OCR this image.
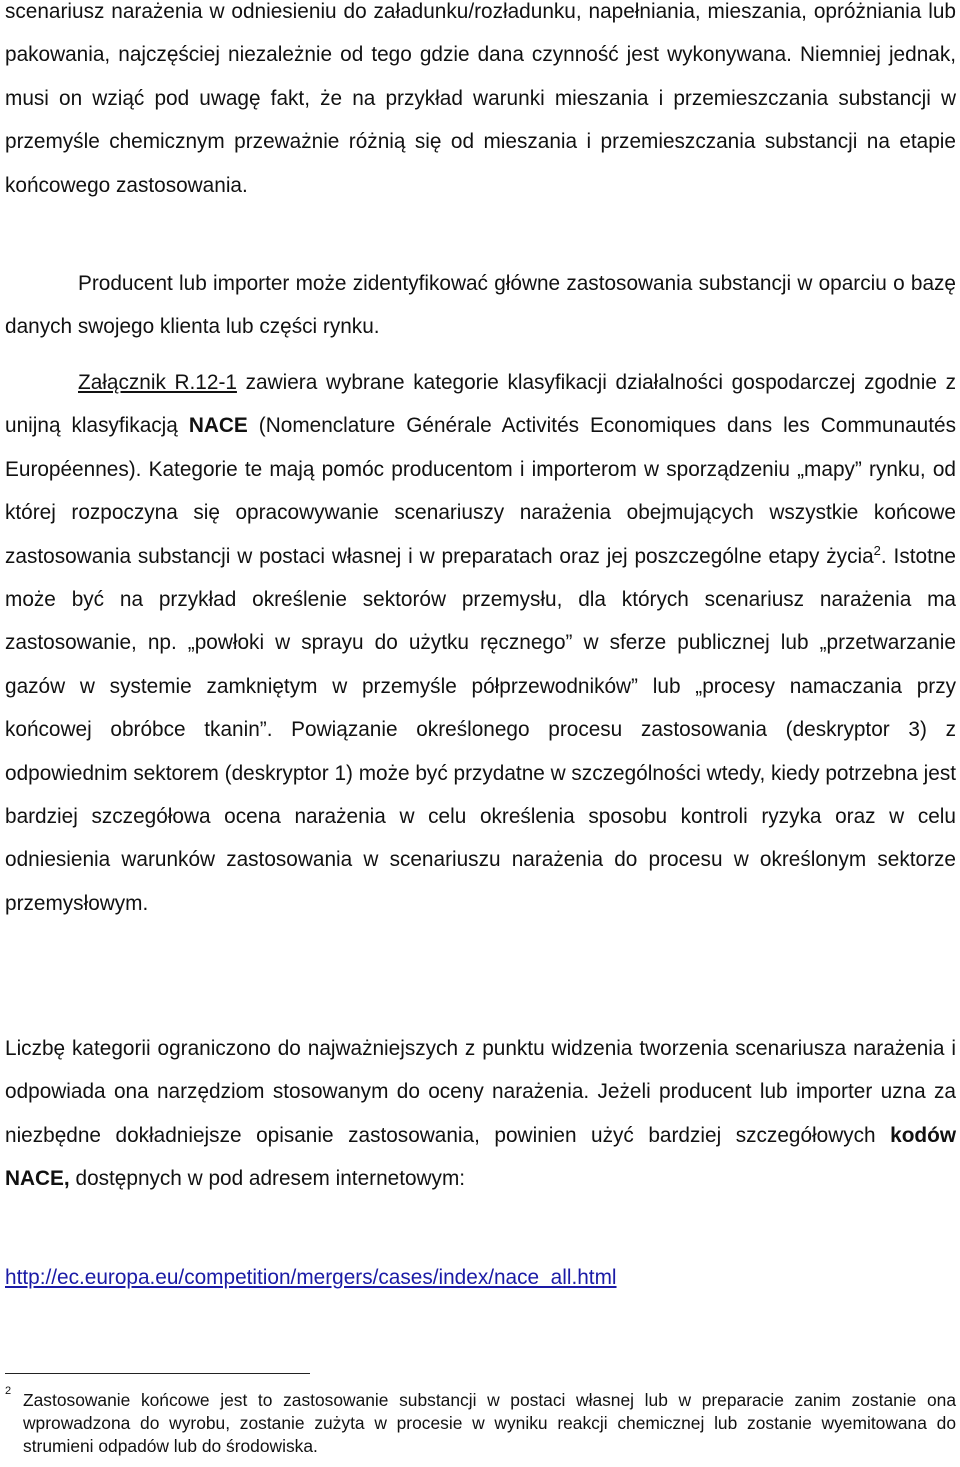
scenariusz narażenia w odniesieniu do załadunku/rozładunku, napełniania, mieszania, opróżniania lub pakowania, najczęściej niezależnie od tego gdzie dana czynność jest wykonywana. Niemniej jednak, musi on wziąć pod uwagę fakt, że na przykład warunki mieszania i przemieszczania substancji w przemyśle chemicznym przeważnie różnią się od mieszania i przemieszczania substancji na etapie końcowego zastosowania.

Producent lub importer może zidentyfikować główne zastosowania substancji w oparciu o bazę danych swojego klienta lub części rynku.

Załącznik R.12-1 zawiera wybrane kategorie klasyfikacji działalności gospodarczej zgodnie z unijną klasyfikacją NACE (Nomenclature Générale Activités Economiques dans les Communautés Européennes). Kategorie te mają pomóc producentom i importerom w sporządzeniu „mapy” rynku, od której rozpoczyna się opracowywanie scenariuszy narażenia obejmujących wszystkie końcowe zastosowania substancji w postaci własnej i w preparatach oraz jej poszczególne etapy życia$^2$. Istotne może być na przykład określenie sektorów przemysłu, dla których scenariusz narażenia ma zastosowanie, np. „powłoki w sprayu do użytku ręcznego” w sferze publicznej lub „przetwarzanie gazów w systemie zamkniętym w przemyśle półprzewodników” lub „procesy namaczania przy końcowej obróbce tkanin”. Powiązanie określonego procesu zastosowania (deskryptor 3) z odpowiednim sektorem (deskryptor 1) może być przydatne w szczególności wtedy, kiedy potrzebna jest bardziej szczegółowa ocena narażenia w celu określenia sposobu kontroli ryzyka oraz w celu odniesienia warunków zastosowania w scenariuszu narażenia do procesu w określonym sektorze przemysłowym.

Liczbę kategorii ograniczono do najważniejszych z punktu widzenia tworzenia scenariusza narażenia i odpowiada ona narzędziom stosowanym do oceny narażenia. Jeżeli producent lub importer uzna za niezbędne dokładniejsze opisanie zastosowania, powinien użyć bardziej szczegółowych kodów NACE, dostępnych w pod adresem internetowym:

http://ec.europa.eu/competition/mergers/cases/index/nace_all.html
2 Zastosowanie końcowe jest to zastosowanie substancji w postaci własnej lub w preparacie zanim zostanie ona wprowadzona do wyrobu, zostanie zużyta w procesie w wyniku reakcji chemicznej lub zostanie wyemitowana do strumieni odpadów lub do środowiska.
